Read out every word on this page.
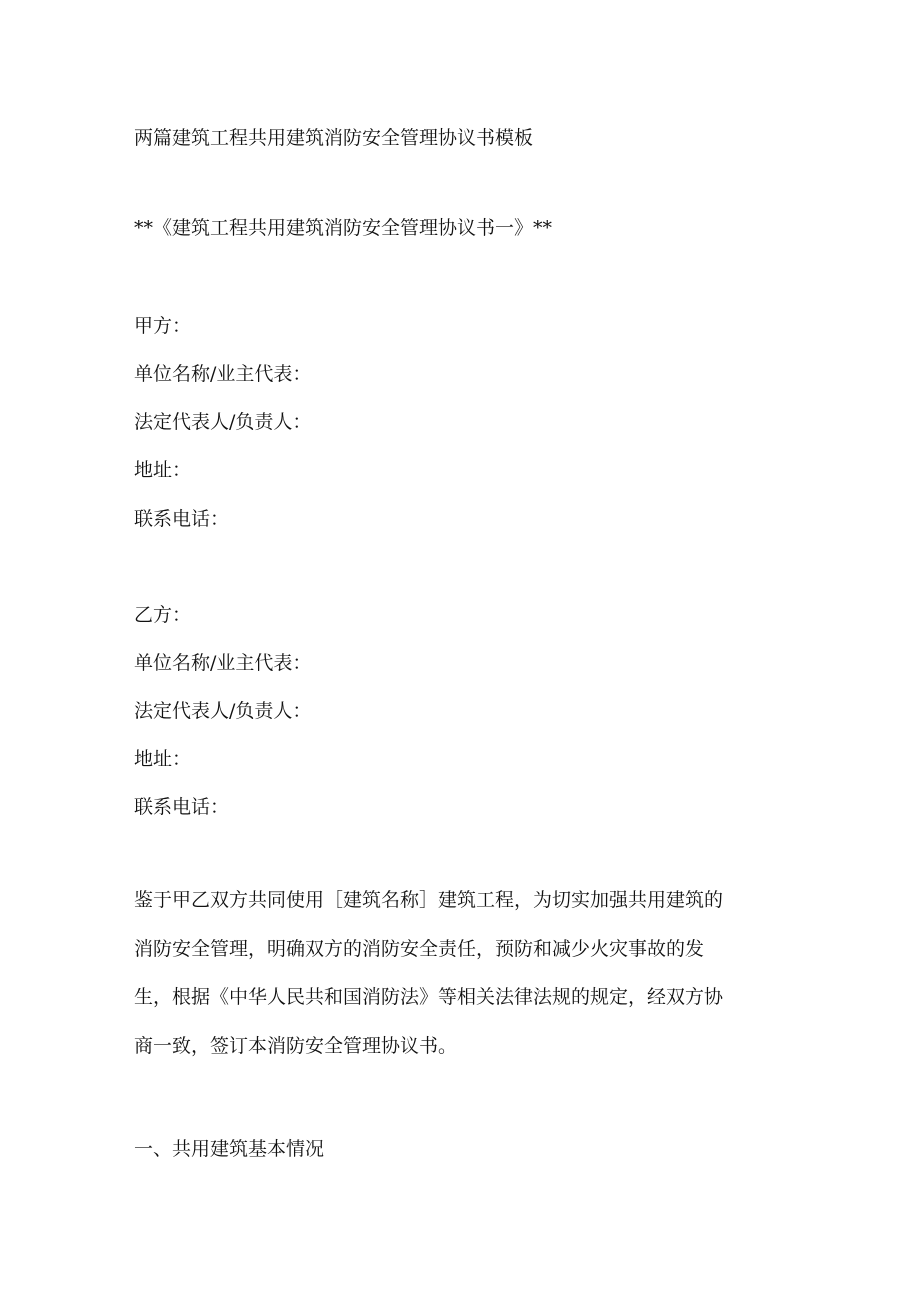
两篇建筑工程共用建筑消防安全管理协议书模板
**《建筑工程共用建筑消防安全管理协议书一》**
甲方：
单位名称/业主代表：
法定代表人/负责人：
地址：
联系电话：
乙方：
单位名称/业主代表：
法定代表人/负责人：
地址：
联系电话：
鉴于甲乙双方共同使用［建筑名称］建筑工程，为切实加强共用建筑的
消防安全管理，明确双方的消防安全责任，预防和减少火灾事故的发
生，根据《中华人民共和国消防法》等相关法律法规的规定，经双方协
商一致，签订本消防安全管理协议书。
一、共用建筑基本情况
